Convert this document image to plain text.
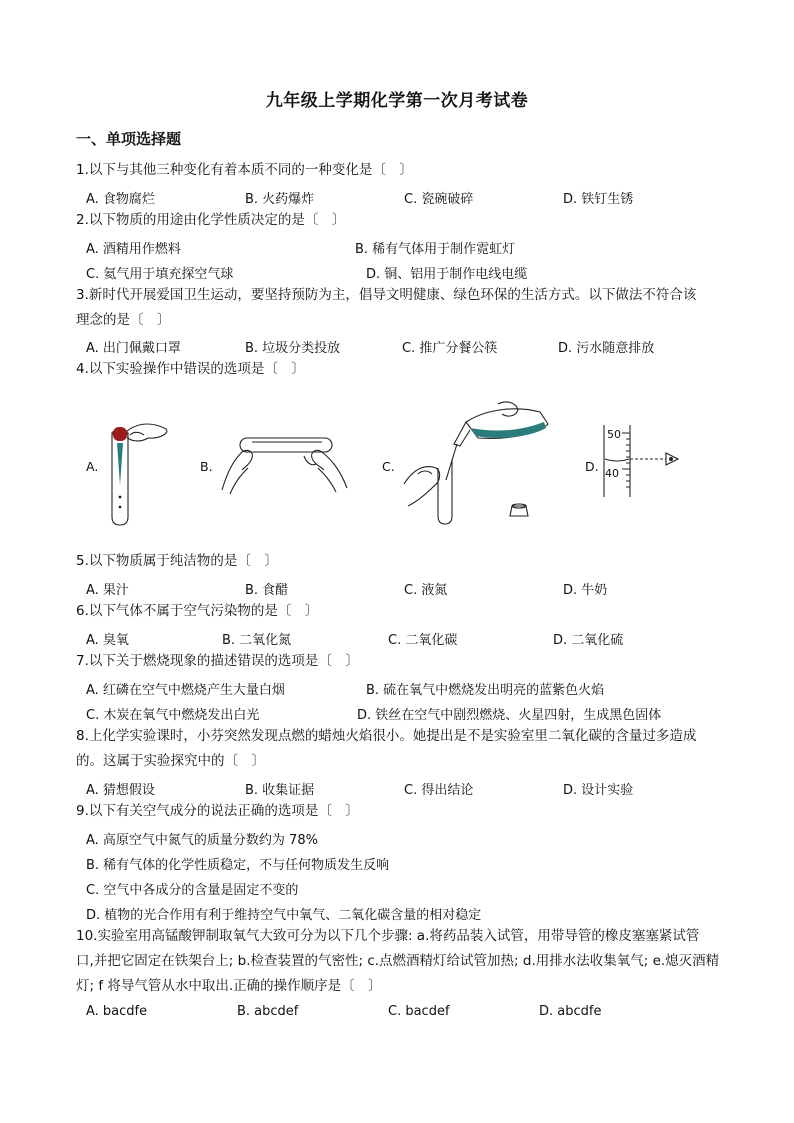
九年级上学期化学第一次月考试卷
一、单项选择题
1.以下与其他三种变化有着本质不同的一种变化是〔　〕
A. 食物腐烂	B. 火药爆炸	C. 瓷碗破碎	D. 铁钉生锈
2.以下物质的用途由化学性质决定的是〔　〕
A. 酒精用作燃料	B. 稀有气体用于制作霓虹灯
C. 氦气用于填充探空气球	D. 铜、铝用于制作电线电缆
3.新时代开展爱国卫生运动，要坚持预防为主，倡导文明健康、绿色环保的生活方式。以下做法不符合该
理念的是〔　〕
A. 出门佩戴口罩	B. 垃圾分类投放	C. 推广分餐公筷	D. 污水随意排放
4.以下实验操作中错误的选项是〔　〕
A.	B.	C.	D.
50
40
5.以下物质属于纯洁物的是〔　〕
A. 果汁	B. 食醋	C. 液氮	D. 牛奶
6.以下气体不属于空气污染物的是〔　〕
A. 臭氧	B. 二氧化氮	C. 二氧化碳	D. 二氧化硫
7.以下关于燃烧现象的描述错误的选项是〔　〕
A. 红磷在空气中燃烧产生大量白烟	B. 硫在氧气中燃烧发出明亮的蓝紫色火焰
C. 木炭在氧气中燃烧发出白光	D. 铁丝在空气中剧烈燃烧、火星四射，生成黑色固体
8.上化学实验课时，小芬突然发现点燃的蜡烛火焰很小。她提出是不是实验室里二氧化碳的含量过多造成
的。这属于实验探究中的〔　〕
A. 猜想假设	B. 收集证据	C. 得出结论	D. 设计实验
9.以下有关空气成分的说法正确的选项是〔　〕
A. 高原空气中氮气的质量分数约为 78%
B. 稀有气体的化学性质稳定，不与任何物质发生反响
C. 空气中各成分的含量是固定不变的
D. 植物的光合作用有利于维持空气中氧气、二氧化碳含量的相对稳定
10.实验室用高锰酸钾制取氧气大致可分为以下几个步骤: a.将药品装入试管，用带导管的橡皮塞塞紧试管
口,并把它固定在铁架台上; b.检查装置的气密性; c.点燃酒精灯给试管加热; d.用排水法收集氧气; e.熄灭酒精
灯; f 将导气管从水中取出.正确的操作顺序是〔　〕
A. bacdfe	B. abcdef	C. bacdef	D. abcdfe
